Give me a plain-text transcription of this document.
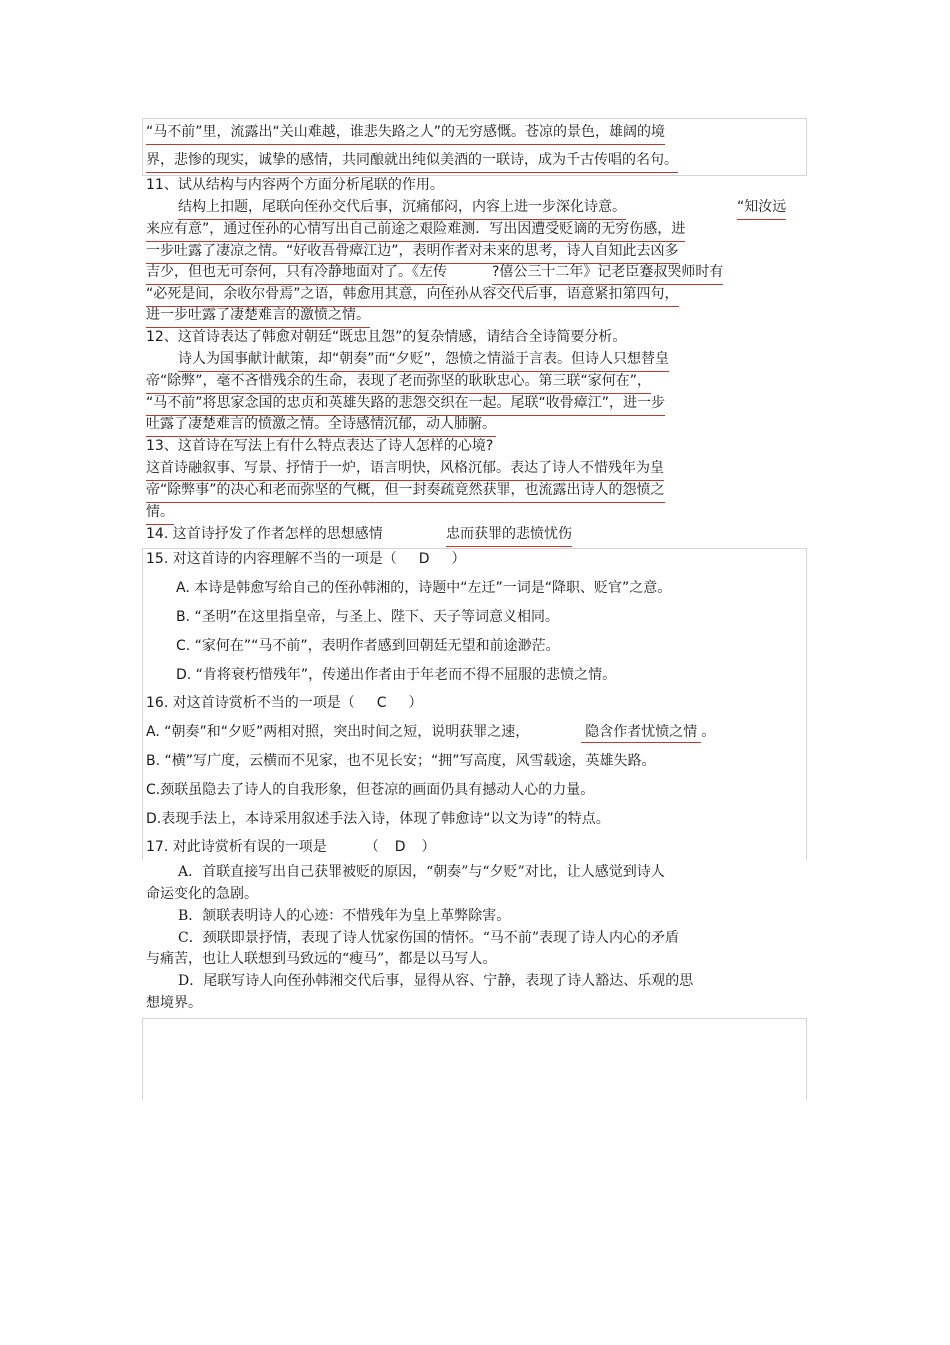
“马不前”里，流露出“关山难越，谁悲失路之人”的无穷感慨。苍凉的景色，雄阔的境
界，悲惨的现实，诚挚的感情，共同酿就出纯似美酒的一联诗，成为千古传唱的名句。
11、试从结构与内容两个方面分析尾联的作用。
结构上扣题，尾联向侄孙交代后事，沉痛郁闷，内容上进一步深化诗意。	“知汝远
来应有意”，通过侄孙的心情写出自己前途之艰险难测．写出因遭受贬谪的无穷伤感，进
一步吐露了凄凉之情。“好收吾骨瘴江边”，表明作者对未来的思考，诗人自知此去凶多
吉少，但也无可奈何，只有冷静地面对了。《左传	?僖公三十二年》记老臣蹇叔哭师时有
“必死是间，余收尔骨焉”之语，韩愈用其意，向侄孙从容交代后事，语意紧扣第四句，
进一步吐露了凄楚难言的激愤之情。
12、这首诗表达了韩愈对朝廷“既忠且怨”的复杂情感，请结合全诗简要分析。
诗人为国事献计献策，却“朝奏”而“夕贬”，怨愤之情溢于言表。但诗人只想替皇
帝“除弊”，毫不吝惜残余的生命，表现了老而弥坚的耿耿忠心。第三联“家何在”，
“马不前”将思家念国的忠贞和英雄失路的悲怨交织在一起。尾联“收骨瘴江”，进一步
吐露了凄楚难言的愤激之情。全诗感情沉郁，动人肺腑。
13、这首诗在写法上有什么特点表达了诗人怎样的心境?
这首诗融叙事、写景、抒情于一炉，语言明快，风格沉郁。表达了诗人不惜残年为皇
帝“除弊事”的决心和老而弥坚的气概，但一封奏疏竟然获罪，也流露出诗人的怨愤之
情。
14. 这首诗抒发了作者怎样的思想感情	忠而获罪的悲愤忧伤
15. 对这首诗的内容理解不当的一项是（ D ）
A. 本诗是韩愈写给自己的侄孙韩湘的，诗题中“左迁”一词是“降职、贬官”之意。
B. “圣明”在这里指皇帝，与圣上、陛下、天子等词意义相同。
C. “家何在”“马不前”，表明作者感到回朝廷无望和前途渺茫。
D. “肯将衰朽惜残年”，传递出作者由于年老而不得不屈服的悲愤之情。
16. 对这首诗赏析不当的一项是（ C ）
A. “朝奏”和“夕贬”两相对照，突出时间之短，说明获罪之速，	隐含作者忧愤之情 。
B. “横”写广度，云横而不见家，也不见长安；“拥”写高度，风雪载途，英雄失路。
C.颈联虽隐去了诗人的自我形象，但苍凉的画面仍具有撼动人心的力量。
D.表现手法上，本诗采用叙述手法入诗，体现了韩愈诗“以文为诗”的特点。
17. 对此诗赏析有误的一项是	（ D ）
A．首联直接写出自己获罪被贬的原因，“朝奏”与“夕贬”对比，让人感觉到诗人
命运变化的急剧。
B．颔联表明诗人的心迹：不惜残年为皇上革弊除害。
C．颈联即景抒情，表现了诗人忧家伤国的情怀。“马不前”表现了诗人内心的矛盾
与痛苦，也让人联想到马致远的“瘦马”，都是以马写人。
D．尾联写诗人向侄孙韩湘交代后事，显得从容、宁静，表现了诗人豁达、乐观的思
想境界。
